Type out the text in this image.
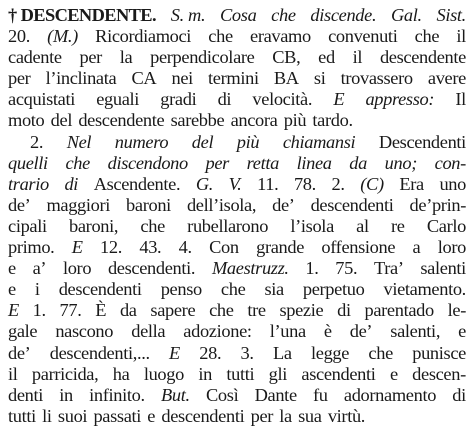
† DESCENDENTE. S. m. Cosa che discende. Gal. Sist.
20. (M.) Ricordiamoci che eravamo convenuti che il
cadente per la perpendicolare CB, ed il descendente
per l’inclinata CA nei termini BA si trovassero avere
acquistati eguali gradi di velocità. E appresso: Il
moto del descendente sarebbe ancora più tardo.
2. Nel numero del più chiamansi Descendenti
quelli che discendono per retta linea da uno; con-
trario di Ascendente. G. V. 11. 78. 2. (C) Era uno
de’ maggiori baroni dell’isola, de’ descendenti de’prin-
cipali baroni, che rubellarono l’isola al re Carlo
primo. E 12. 43. 4. Con grande offensione a loro
e a’ loro descendenti. Maestruzz. 1. 75. Tra’ salenti
e i descendenti penso che sia perpetuo vietamento.
E 1. 77. È da sapere che tre spezie di parentado le-
gale nascono della adozione: l’una è de’ salenti, e
de’ descendenti,... E 28. 3. La legge che punisce
il parricida, ha luogo in tutti gli ascendenti e descen-
denti in infinito. But. Così Dante fu adornamento di
tutti li suoi passati e descendenti per la sua virtù.
